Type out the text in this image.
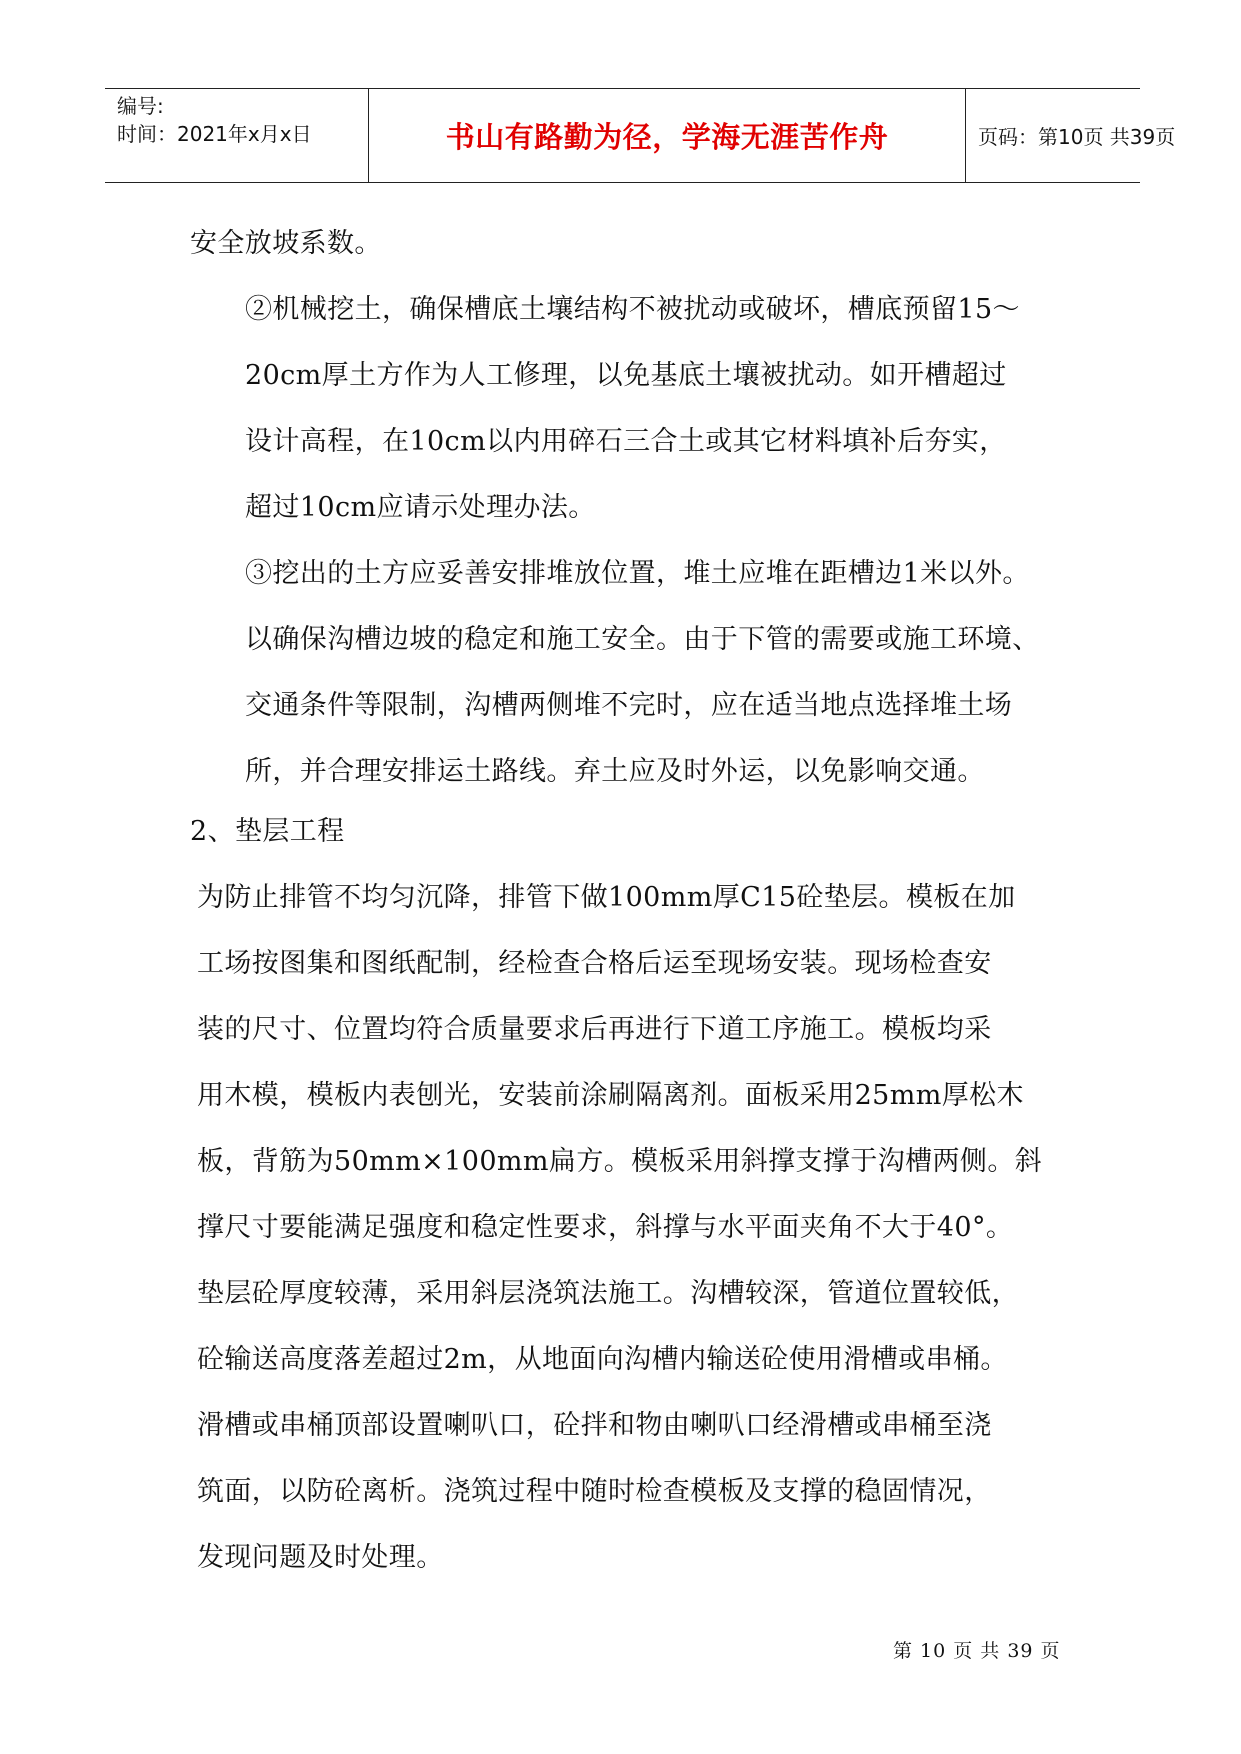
编号:
时间：2021年x月x日	书山有路勤为径，学海无涯苦作舟	页码：第10页 共39页
安全放坡系数。
②机械挖土，确保槽底土壤结构不被扰动或破坏，槽底预留15～
20cm厚土方作为人工修理，以免基底土壤被扰动。如开槽超过
设计高程，在10cm以内用碎石三合土或其它材料填补后夯实，
超过10cm应请示处理办法。
③挖出的土方应妥善安排堆放位置，堆土应堆在距槽边1米以外。
以确保沟槽边坡的稳定和施工安全。由于下管的需要或施工环境、
交通条件等限制，沟槽两侧堆不完时，应在适当地点选择堆土场
所，并合理安排运土路线。弃土应及时外运，以免影响交通。
2、垫层工程
为防止排管不均匀沉降，排管下做100mm厚C15砼垫层。模板在加
工场按图集和图纸配制，经检查合格后运至现场安装。现场检查安
装的尺寸、位置均符合质量要求后再进行下道工序施工。模板均采
用木模，模板内表刨光，安装前涂刷隔离剂。面板采用25mm厚松木
板，背筋为50mm×100mm扁方。模板采用斜撑支撑于沟槽两侧。斜
撑尺寸要能满足强度和稳定性要求，斜撑与水平面夹角不大于40°。
垫层砼厚度较薄，采用斜层浇筑法施工。沟槽较深，管道位置较低，
砼输送高度落差超过2m，从地面向沟槽内输送砼使用滑槽或串桶。
滑槽或串桶顶部设置喇叭口，砼拌和物由喇叭口经滑槽或串桶至浇
筑面，以防砼离析。浇筑过程中随时检查模板及支撑的稳固情况，
发现问题及时处理。
第 10 页 共 39 页
